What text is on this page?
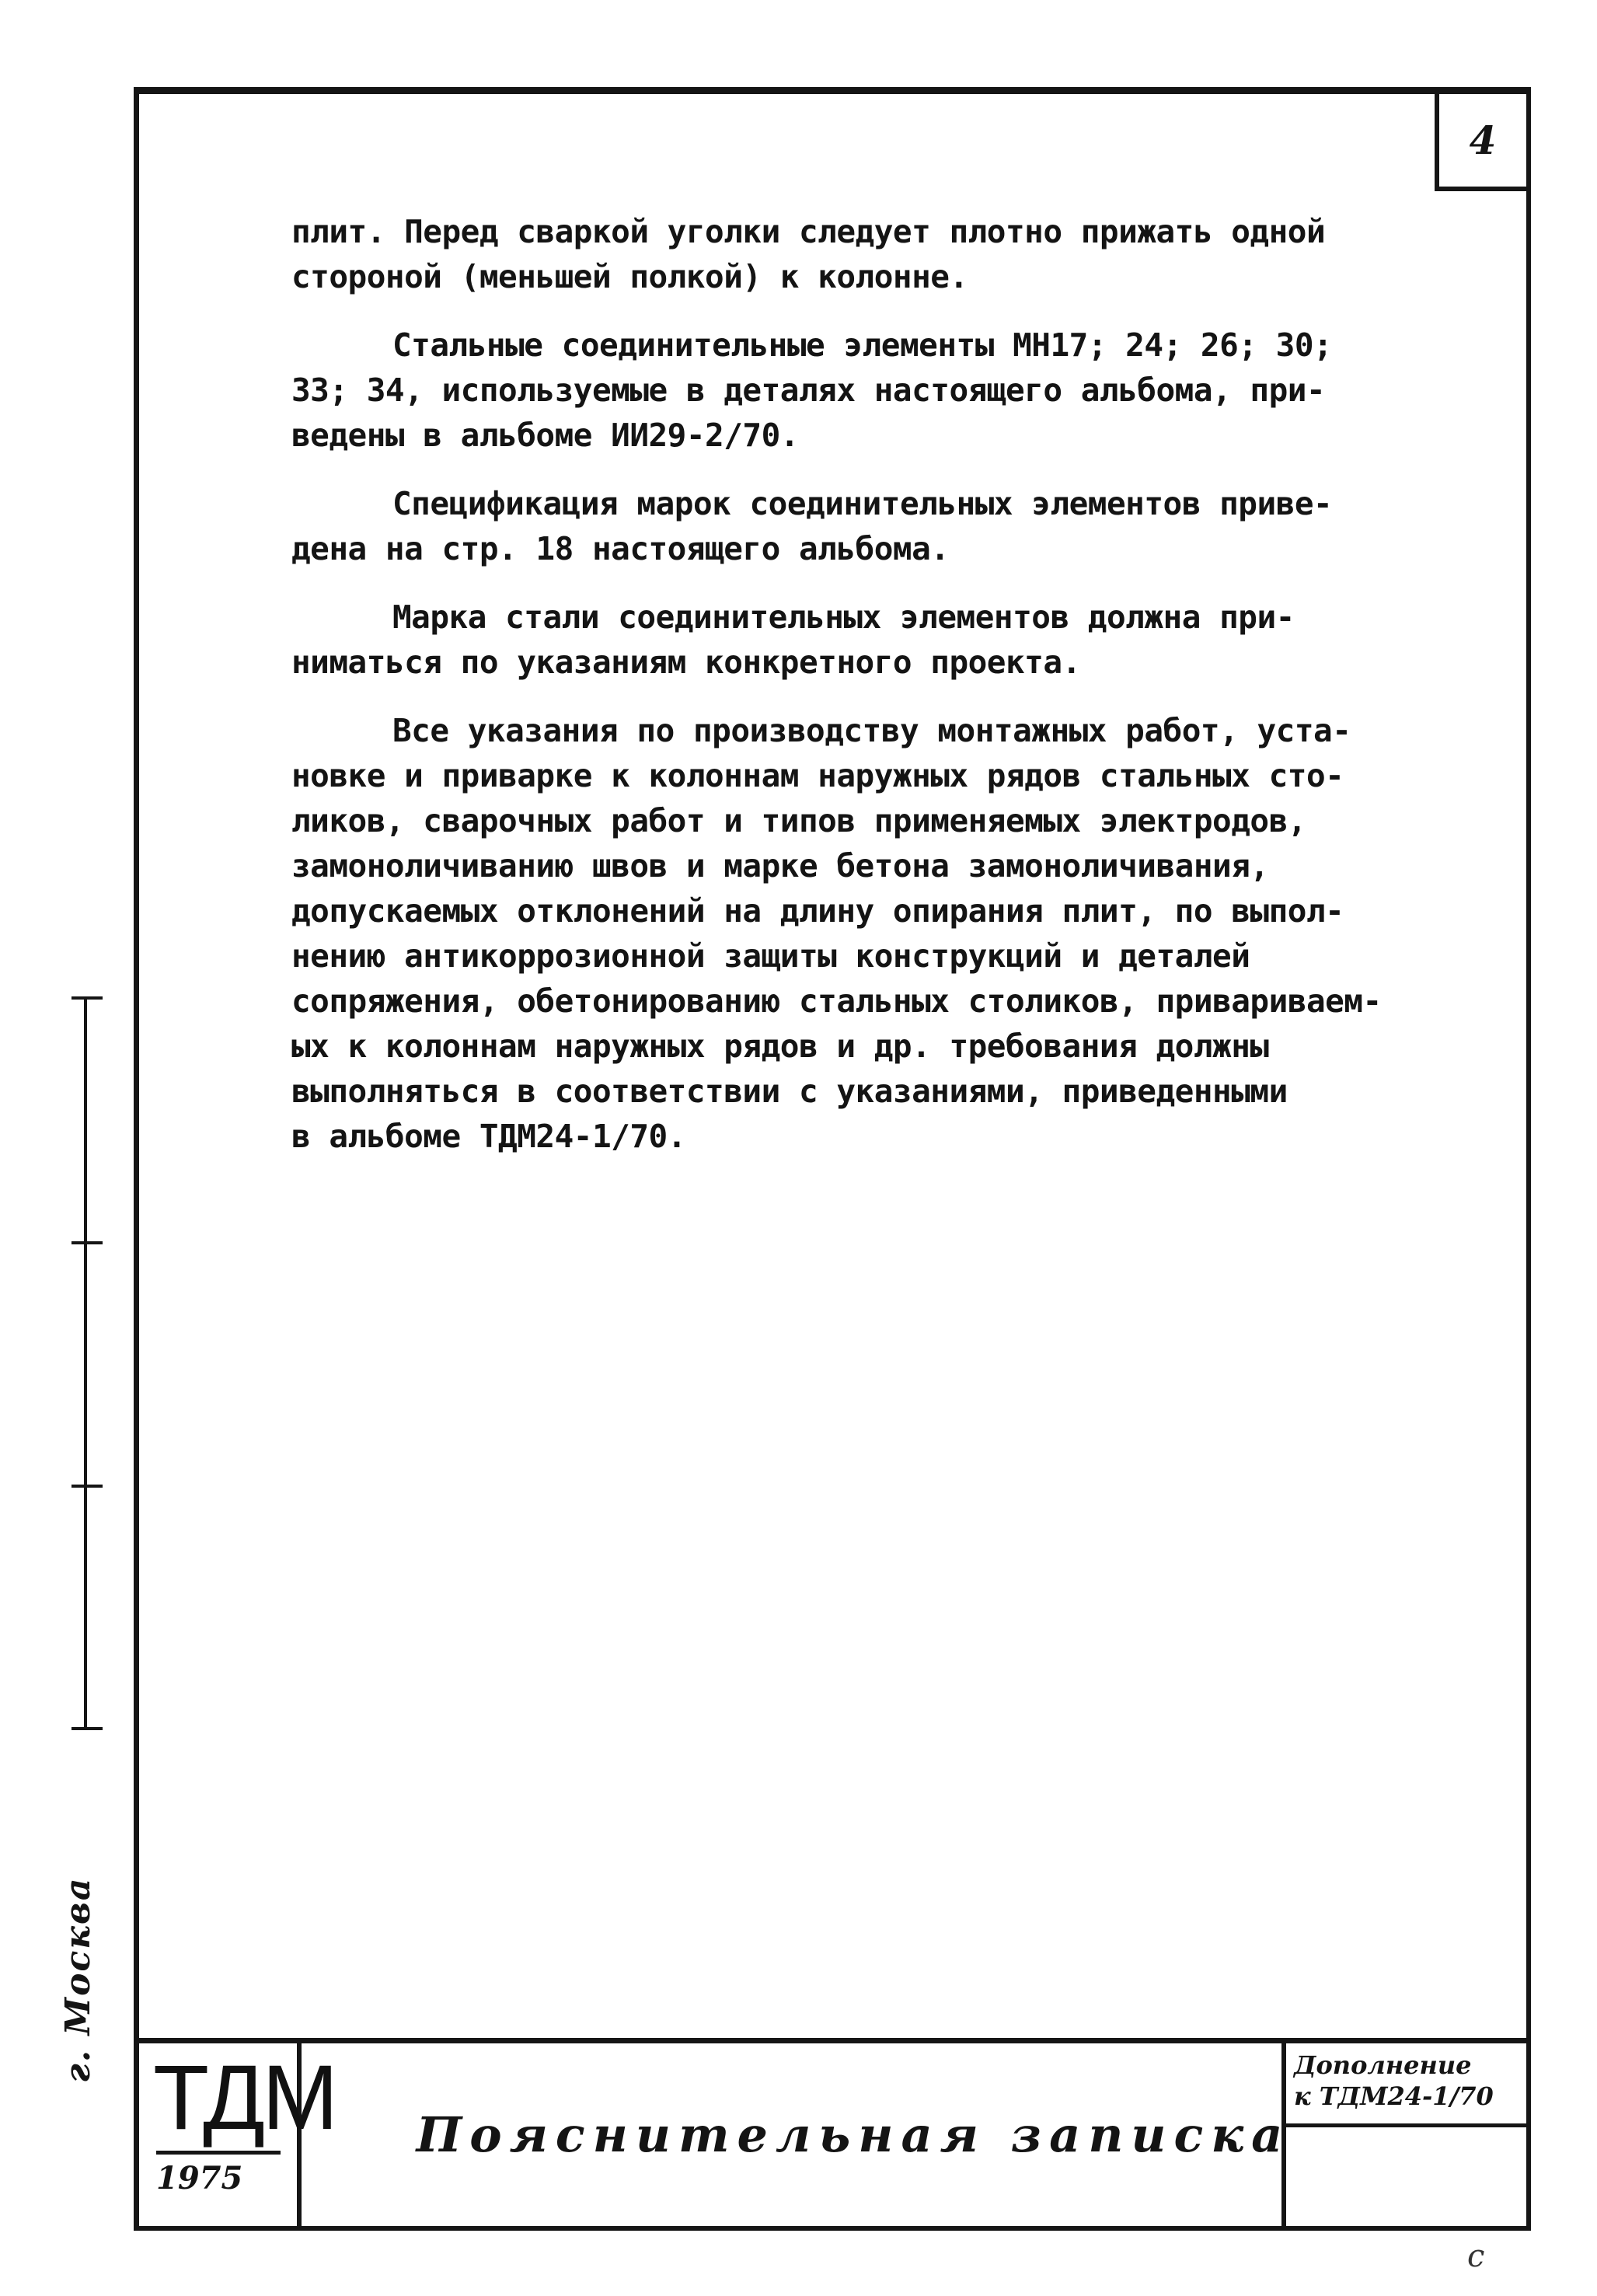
4

плит. Перед сваркой уголки следует плотно прижать одной
стороной (меньшей полкой) к колонне.

Стальные соединительные элементы МН17; 24; 26; 30;
33; 34, используемые в деталях настоящего альбома, при-
ведены в альбоме ИИ29-2/70.

Спецификация марок соединительных элементов приве-
дена на стр. 18 настоящего альбома.

Марка стали соединительных элементов должна при-
ниматься по указаниям конкретного проекта.

Все указания по производству монтажных работ, уста-
новке и приварке к колоннам наружных рядов стальных сто-
ликов, сварочных работ и типов применяемых электродов,
замоноличиванию швов и марке бетона замоноличивания,
допускаемых отклонений на длину опирания плит, по выпол-
нению антикоррозионной защиты конструкций и деталей
сопряжения, обетонированию стальных столиков, привариваем-
ых к колоннам наружных рядов и др. требования должны
выполняться в соответствии с указаниями, приведенными
в альбоме ТДМ24-1/70.

ТДМ
1975
Пояснительная записка
Дополнение
к ТДМ24-1/70
г. Москва
с
